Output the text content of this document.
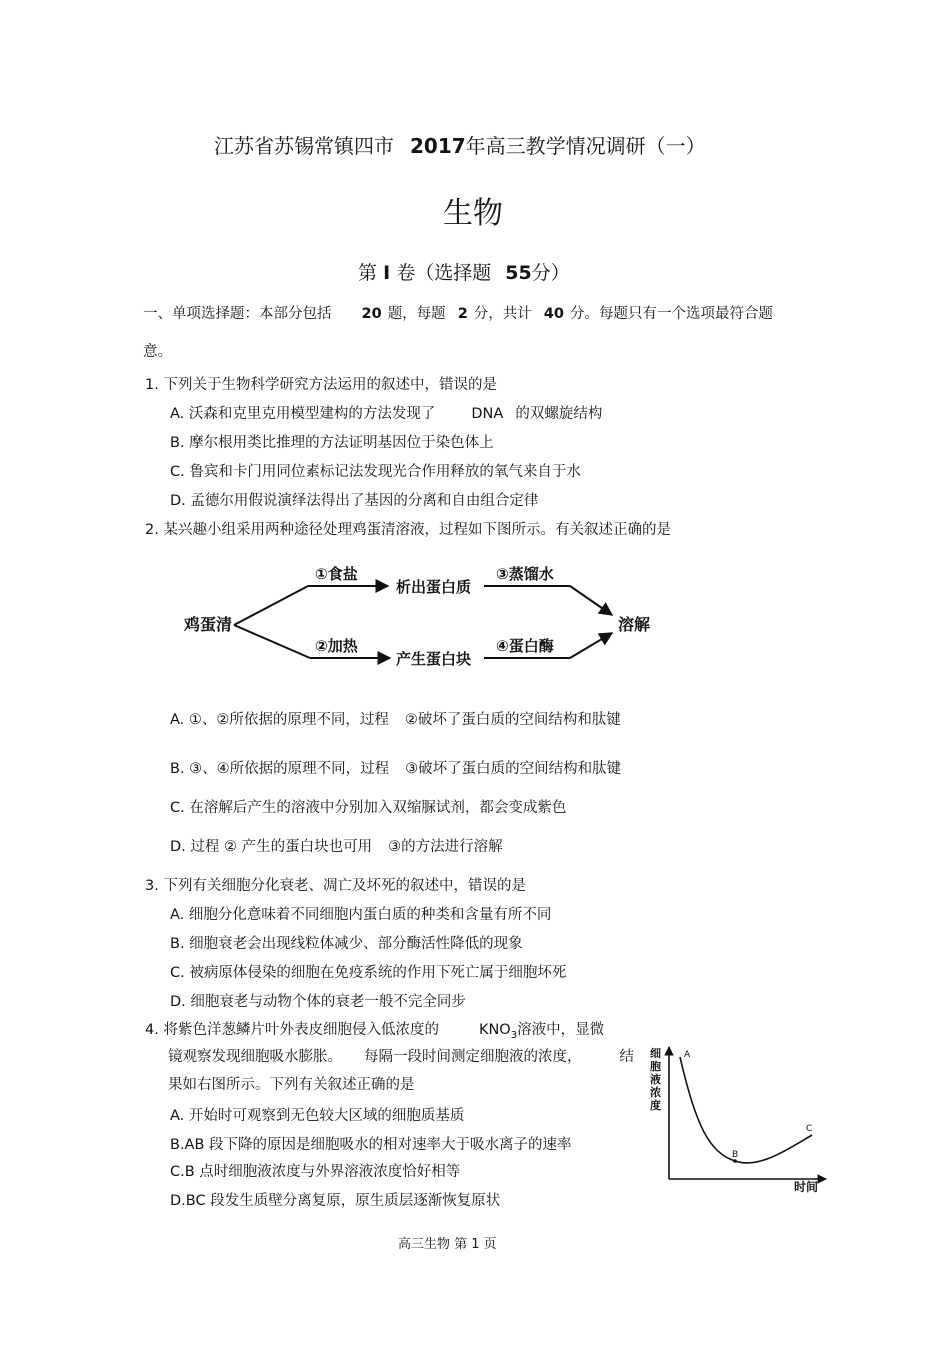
江苏省苏锡常镇四市 2017年高三教学情况调研（一）
生物
第 I 卷（选择题 55分）
一、单项选择题：本部分包括 20 题，每题 2 分，共计 40 分。每题只有一个选项最符合题
意。
1. 下列关于生物科学研究方法运用的叙述中，错误的是
A. 沃森和克里克用模型建构的方法发现了 DNA 的双螺旋结构
B. 摩尔根用类比推理的方法证明基因位于染色体上
C. 鲁宾和卡门用同位素标记法发现光合作用释放的氧气来自于水
D. 孟德尔用假说演绎法得出了基因的分离和自由组合定律
2. 某兴趣小组采用两种途径处理鸡蛋清溶液，过程如下图所示。有关叙述正确的是
鸡蛋清
①食盐
②加热
析出蛋白质
产生蛋白块
③蒸馏水
④蛋白酶
溶解
A. ①、②所依据的原理不同，过程 ②破坏了蛋白质的空间结构和肽键
B. ③、④所依据的原理不同，过程 ③破坏了蛋白质的空间结构和肽键
C. 在溶解后产生的溶液中分别加入双缩脲试剂，都会变成紫色
D. 过程 ② 产生的蛋白块也可用 ③的方法进行溶解
3. 下列有关细胞分化衰老、凋亡及坏死的叙述中，错误的是
A. 细胞分化意味着不同细胞内蛋白质的种类和含量有所不同
B. 细胞衰老会出现线粒体减少、部分酶活性降低的现象
C. 被病原体侵染的细胞在免疫系统的作用下死亡属于细胞坏死
D. 细胞衰老与动物个体的衰老一般不完全同步
4. 将紫色洋葱鳞片叶外表皮细胞侵入低浓度的	$KNO_3$溶液中，显微
镜观察发现细胞吸水膨胀。 每隔一段时间测定细胞液的浓度，	结
果如右图所示。下列有关叙述正确的是
A. 开始时可观察到无色较大区域的细胞质基质
B.AB 段下降的原因是细胞吸水的相对速率大于吸水离子的速率
C.B 点时细胞液浓度与外界溶液浓度恰好相等
D.BC 段发生质壁分离复原，原生质层逐渐恢复原状
细 胞 液 浓 度
时间
A
B
C
高三生物 第 1 页
